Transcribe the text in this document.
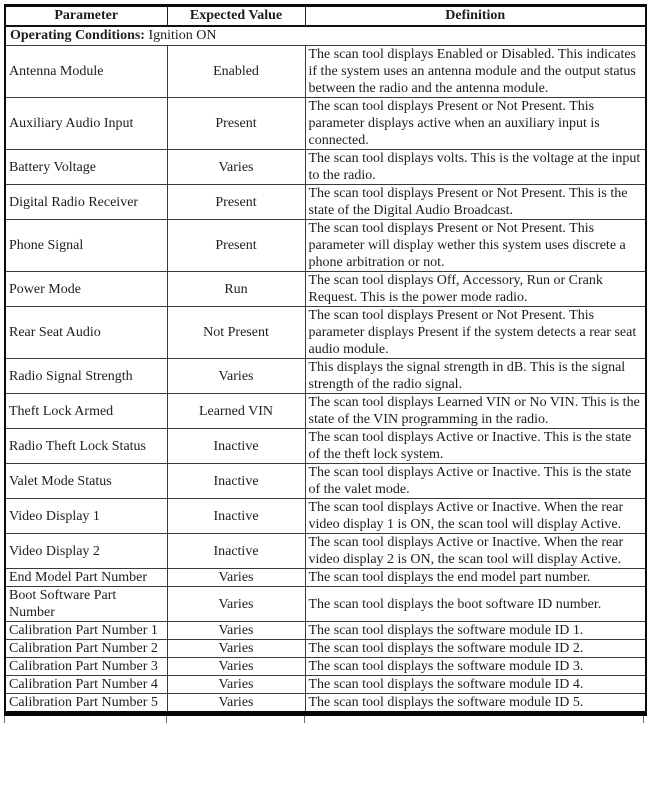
Parameter	Expected Value	Definition
Operating Conditions: Ignition ON		
Antenna Module	Enabled	The scan tool displays Enabled or Disabled. This indicates if the system uses an antenna module and the output status between the radio and the antenna module.
Auxiliary Audio Input	Present	The scan tool displays Present or Not Present. This parameter displays active when an auxiliary input is connected.
Battery Voltage	Varies	The scan tool displays volts. This is the voltage at the input to the radio.
Digital Radio Receiver	Present	The scan tool displays Present or Not Present. This is the state of the Digital Audio Broadcast.
Phone Signal	Present	The scan tool displays Present or Not Present. This parameter will display wether this system uses discrete a phone arbitration or not.
Power Mode	Run	The scan tool displays Off, Accessory, Run or Crank Request. This is the power mode radio.
Rear Seat Audio	Not Present	The scan tool displays Present or Not Present. This parameter displays Present if the system detects a rear seat audio module.
Radio Signal Strength	Varies	This displays the signal strength in dB. This is the signal strength of the radio signal.
Theft Lock Armed	Learned VIN	The scan tool displays Learned VIN or No VIN. This is the state of the VIN programming in the radio.
Radio Theft Lock Status	Inactive	The scan tool displays Active or Inactive. This is the state of the theft lock system.
Valet Mode Status	Inactive	The scan tool displays Active or Inactive. This is the state of the valet mode.
Video Display 1	Inactive	The scan tool displays Active or Inactive. When the rear video display 1 is ON, the scan tool will display Active.
Video Display 2	Inactive	The scan tool displays Active or Inactive. When the rear video display 2 is ON, the scan tool will display Active.
End Model Part Number	Varies	The scan tool displays the end model part number.
Boot Software Part Number	Varies	The scan tool displays the boot software ID number.
Calibration Part Number 1	Varies	The scan tool displays the software module ID 1.
Calibration Part Number 2	Varies	The scan tool displays the software module ID 2.
Calibration Part Number 3	Varies	The scan tool displays the software module ID 3.
Calibration Part Number 4	Varies	The scan tool displays the software module ID 4.
Calibration Part Number 5	Varies	The scan tool displays the software module ID 5.
